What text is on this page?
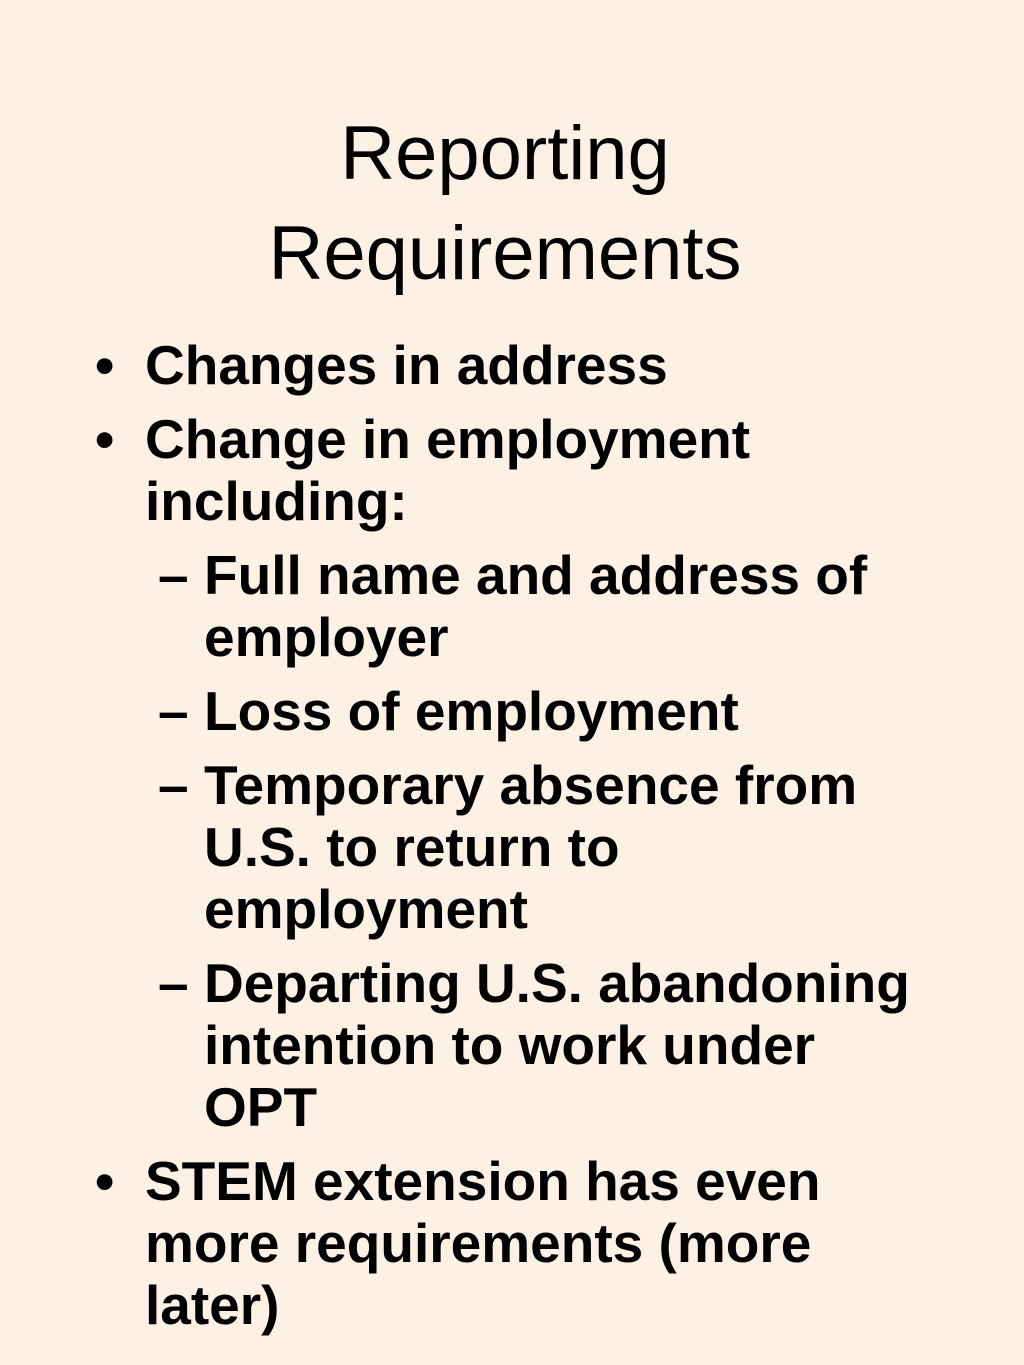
Reporting
Requirements
• Changes in address
• Change in employment
including:
– Full name and address of
employer
– Loss of employment
– Temporary absence from
U.S. to return to
employment
– Departing U.S. abandoning
intention to work under
OPT
• STEM extension has even
more requirements (more
later)
